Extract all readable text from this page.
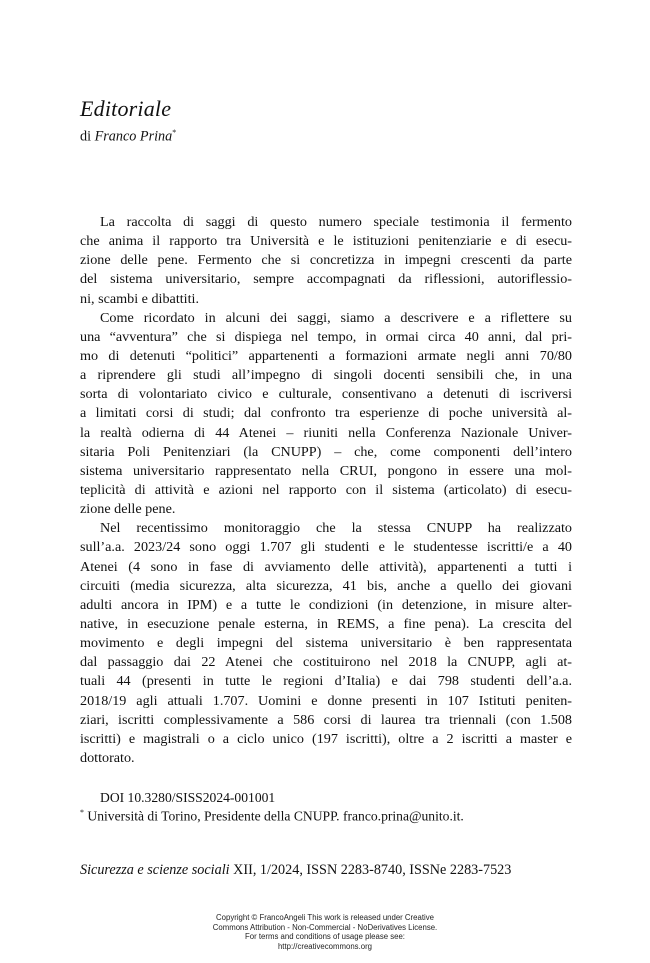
Editoriale
di Franco Prina*
La raccolta di saggi di questo numero speciale testimonia il fermento
che anima il rapporto tra Università e le istituzioni penitenziarie e di esecu-
zione delle pene. Fermento che si concretizza in impegni crescenti da parte
del sistema universitario, sempre accompagnati da riflessioni, autoriflessio-
ni, scambi e dibattiti.
Come ricordato in alcuni dei saggi, siamo a descrivere e a riflettere su
una “avventura” che si dispiega nel tempo, in ormai circa 40 anni, dal pri-
mo di detenuti “politici” appartenenti a formazioni armate negli anni 70/80
a riprendere gli studi all’impegno di singoli docenti sensibili che, in una
sorta di volontariato civico e culturale, consentivano a detenuti di iscriversi
a limitati corsi di studi; dal confronto tra esperienze di poche università al-
la realtà odierna di 44 Atenei – riuniti nella Conferenza Nazionale Univer-
sitaria Poli Penitenziari (la CNUPP) – che, come componenti dell’intero
sistema universitario rappresentato nella CRUI, pongono in essere una mol-
teplicità di attività e azioni nel rapporto con il sistema (articolato) di esecu-
zione delle pene.
Nel recentissimo monitoraggio che la stessa CNUPP ha realizzato
sull’a.a. 2023/24 sono oggi 1.707 gli studenti e le studentesse iscritti/e a 40
Atenei (4 sono in fase di avviamento delle attività), appartenenti a tutti i
circuiti (media sicurezza, alta sicurezza, 41 bis, anche a quello dei giovani
adulti ancora in IPM) e a tutte le condizioni (in detenzione, in misure alter-
native, in esecuzione penale esterna, in REMS, a fine pena). La crescita del
movimento e degli impegni del sistema universitario è ben rappresentata
dal passaggio dai 22 Atenei che costituirono nel 2018 la CNUPP, agli at-
tuali 44 (presenti in tutte le regioni d’Italia) e dai 798 studenti dell’a.a.
2018/19 agli attuali 1.707. Uomini e donne presenti in 107 Istituti peniten-
ziari, iscritti complessivamente a 586 corsi di laurea tra triennali (con 1.508
iscritti) e magistrali o a ciclo unico (197 iscritti), oltre a 2 iscritti a master e
dottorato.
DOI 10.3280/SISS2024-001001
* Università di Torino, Presidente della CNUPP. franco.prina@unito.it.
Sicurezza e scienze sociali XII, 1/2024, ISSN 2283-8740, ISSNe 2283-7523
Copyright © FrancoAngeli This work is released under Creative
Commons Attribution - Non-Commercial - NoDerivatives License.
For terms and conditions of usage please see:
http://creativecommons.org
